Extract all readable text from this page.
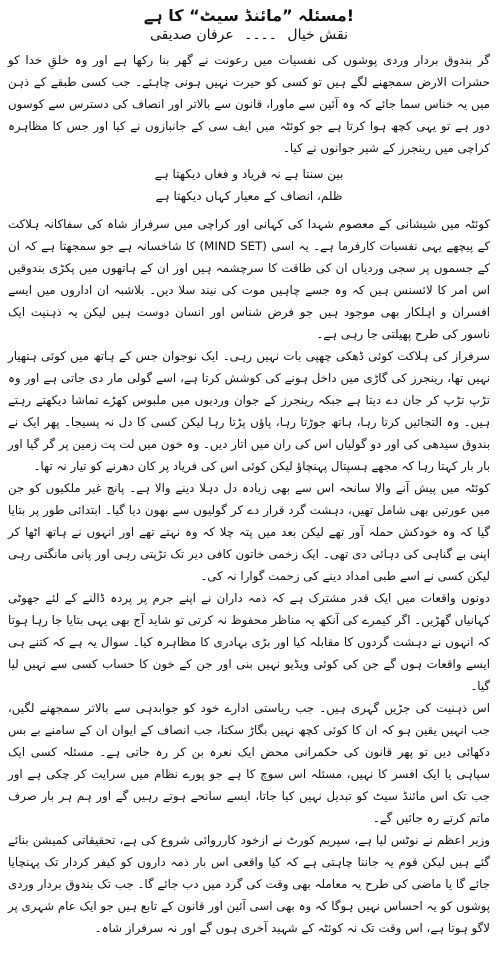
مسئلہ ”مائنڈ سیٹ“ کا ہے!
نقش خیال ۔۔۔۔ عرفان صدیقی

گر بندوق بردار وردی پوشوں کی نفسیات میں رعونت نے گھر بنا رکھا ہے اور وہ خلقِ خدا کو حشرات الارض سمجھنے لگے ہیں تو کسی کو حیرت نہیں ہونی چاہئے۔ جب کسی طبقے کے ذہن میں یہ خناس سما جائے کہ وہ آئین سے ماورا، قانون سے بالاتر اور انصاف کی دسترس سے کوسوں دور ہے تو یہی کچھ ہوا کرتا ہے جو کوئٹہ میں ایف سی کے جانبازوں نے کیا اور جس کا مظاہرہ کراچی میں رینجرز کے شیر جوانوں نے کیا۔

بین سنتا ہے نہ فریاد و فغاں دیکھتا ہے
ظلم، انصاف کے معیار کہاں دیکھتا ہے

کوئٹہ میں شیشانی کے معصوم شہدا کی کہانی اور کراچی میں سرفراز شاہ کی سفاکانہ ہلاکت کے پیچھے یہی نفسیات کارفرما ہے۔ یہ اسی (MIND SET) کا شاخسانہ ہے جو سمجھتا ہے کہ ان کے جسموں پر سجی وردیاں ان کی طاقت کا سرچشمہ ہیں اور ان کے ہاتھوں میں پکڑی بندوقیں اس امر کا لائسنس ہیں کہ وہ جسے چاہیں موت کی نیند سلا دیں۔ بلاشبہ ان اداروں میں ایسے افسران و اہلکار بھی موجود ہیں جو فرض شناس اور انسان دوست ہیں لیکن یہ ذہنیت ایک ناسور کی طرح پھیلتی جا رہی ہے۔

سرفراز کی ہلاکت کوئی ڈھکی چھپی بات نہیں رہی۔ ایک نوجوان جس کے ہاتھ میں کوئی ہتھیار نہیں تھا، رینجرز کی گاڑی میں داخل ہونے کی کوشش کرتا ہے، اسے گولی مار دی جاتی ہے اور وہ تڑپ تڑپ کر جان دے دیتا ہے جبکہ رینجرز کے جوان وردیوں میں ملبوس کھڑے تماشا دیکھتے رہتے ہیں۔ وہ التجائیں کرتا رہا، ہاتھ جوڑتا رہا، پاؤں پڑتا رہا لیکن کسی کا دل نہ پسیجا۔ پھر ایک نے بندوق سیدھی کی اور دو گولیاں اس کی ران میں اتار دیں۔ وہ خون میں لت پت زمین پر گر گیا اور بار بار کہتا رہا کہ مجھے ہسپتال پہنچاؤ لیکن کوئی اس کی فریاد پر کان دھرنے کو تیار نہ تھا۔

کوئٹہ میں پیش آنے والا سانحہ اس سے بھی زیادہ دل دہلا دینے والا ہے۔ پانچ غیر ملکیوں کو جن میں عورتیں بھی شامل تھیں، دہشت گرد قرار دے کر گولیوں سے بھون دیا گیا۔ ابتدائی طور پر بتایا گیا کہ وہ خودکش حملہ آور تھے لیکن بعد میں پتہ چلا کہ وہ نہتے تھے اور انہوں نے ہاتھ اٹھا کر اپنی بے گناہی کی دہائی دی تھی۔ ایک زخمی خاتون کافی دیر تک تڑپتی رہی اور پانی مانگتی رہی لیکن کسی نے اسے طبی امداد دینے کی زحمت گوارا نہ کی۔

دونوں واقعات میں ایک قدر مشترک ہے کہ ذمہ داران نے اپنے جرم پر پردہ ڈالنے کے لئے جھوٹی کہانیاں گھڑیں۔ اگر کیمرے کی آنکھ یہ مناظر محفوظ نہ کرتی تو شاید آج بھی یہی بتایا جا رہا ہوتا کہ انہوں نے دہشت گردوں کا مقابلہ کیا اور بڑی بہادری کا مظاہرہ کیا۔ سوال یہ ہے کہ کتنے ہی ایسے واقعات ہوں گے جن کی کوئی ویڈیو نہیں بنی اور جن کے خون کا حساب کسی سے نہیں لیا گیا۔

اس ذہنیت کی جڑیں گہری ہیں۔ جب ریاستی ادارے خود کو جوابدہی سے بالاتر سمجھنے لگیں، جب انہیں یقین ہو کہ ان کا کوئی کچھ نہیں بگاڑ سکتا، جب انصاف کے ایوان ان کے سامنے بے بس دکھائی دیں تو پھر قانون کی حکمرانی محض ایک نعرہ بن کر رہ جاتی ہے۔ مسئلہ کسی ایک سپاہی یا ایک افسر کا نہیں، مسئلہ اس سوچ کا ہے جو پورے نظام میں سرایت کر چکی ہے اور جب تک اس مائنڈ سیٹ کو تبدیل نہیں کیا جاتا، ایسے سانحے ہوتے رہیں گے اور ہم ہر بار صرف ماتم کرتے رہ جائیں گے۔

وزیر اعظم نے نوٹس لیا ہے، سپریم کورٹ نے ازخود کارروائی شروع کی ہے، تحقیقاتی کمیشن بنائے گئے ہیں لیکن قوم یہ جاننا چاہتی ہے کہ کیا واقعی اس بار ذمہ داروں کو کیفر کردار تک پہنچایا جائے گا یا ماضی کی طرح یہ معاملہ بھی وقت کی گرد میں دب جائے گا۔ جب تک بندوق بردار وردی پوشوں کو یہ احساس نہیں ہوگا کہ وہ بھی اسی آئین اور قانون کے تابع ہیں جو ایک عام شہری پر لاگو ہوتا ہے، اس وقت تک نہ کوئٹہ کے شہید آخری ہوں گے اور نہ سرفراز شاہ۔
